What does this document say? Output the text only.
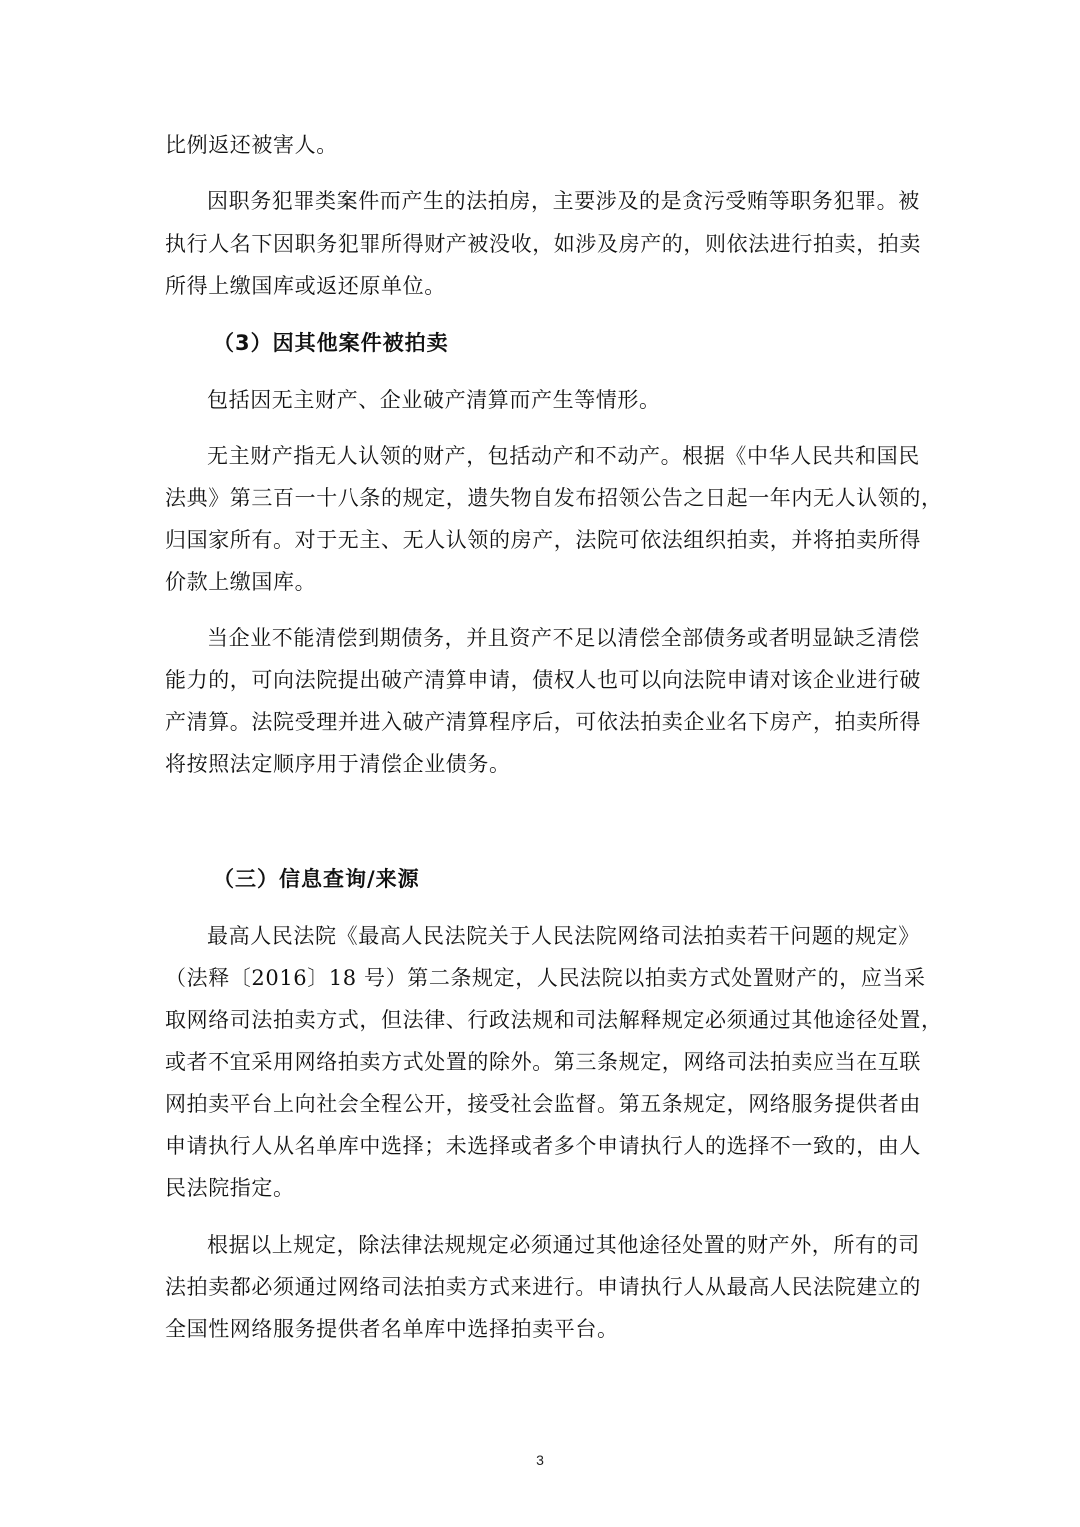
比例返还被害人。
因职务犯罪类案件而产生的法拍房，主要涉及的是贪污受贿等职务犯罪。被
执行人名下因职务犯罪所得财产被没收，如涉及房产的，则依法进行拍卖，拍卖
所得上缴国库或返还原单位。
（3）因其他案件被拍卖
包括因无主财产、企业破产清算而产生等情形。
无主财产指无人认领的财产，包括动产和不动产。根据《中华人民共和国民
法典》第三百一十八条的规定，遗失物自发布招领公告之日起一年内无人认领的，
归国家所有。对于无主、无人认领的房产，法院可依法组织拍卖，并将拍卖所得
价款上缴国库。
当企业不能清偿到期债务，并且资产不足以清偿全部债务或者明显缺乏清偿
能力的，可向法院提出破产清算申请，债权人也可以向法院申请对该企业进行破
产清算。法院受理并进入破产清算程序后，可依法拍卖企业名下房产，拍卖所得
将按照法定顺序用于清偿企业债务。
（三）信息查询/来源
最高人民法院《最高人民法院关于人民法院网络司法拍卖若干问题的规定》
（法释〔2016〕18 号）第二条规定，人民法院以拍卖方式处置财产的，应当采
取网络司法拍卖方式，但法律、行政法规和司法解释规定必须通过其他途径处置，
或者不宜采用网络拍卖方式处置的除外。第三条规定，网络司法拍卖应当在互联
网拍卖平台上向社会全程公开，接受社会监督。第五条规定，网络服务提供者由
申请执行人从名单库中选择；未选择或者多个申请执行人的选择不一致的，由人
民法院指定。
根据以上规定，除法律法规规定必须通过其他途径处置的财产外，所有的司
法拍卖都必须通过网络司法拍卖方式来进行。申请执行人从最高人民法院建立的
全国性网络服务提供者名单库中选择拍卖平台。
3
